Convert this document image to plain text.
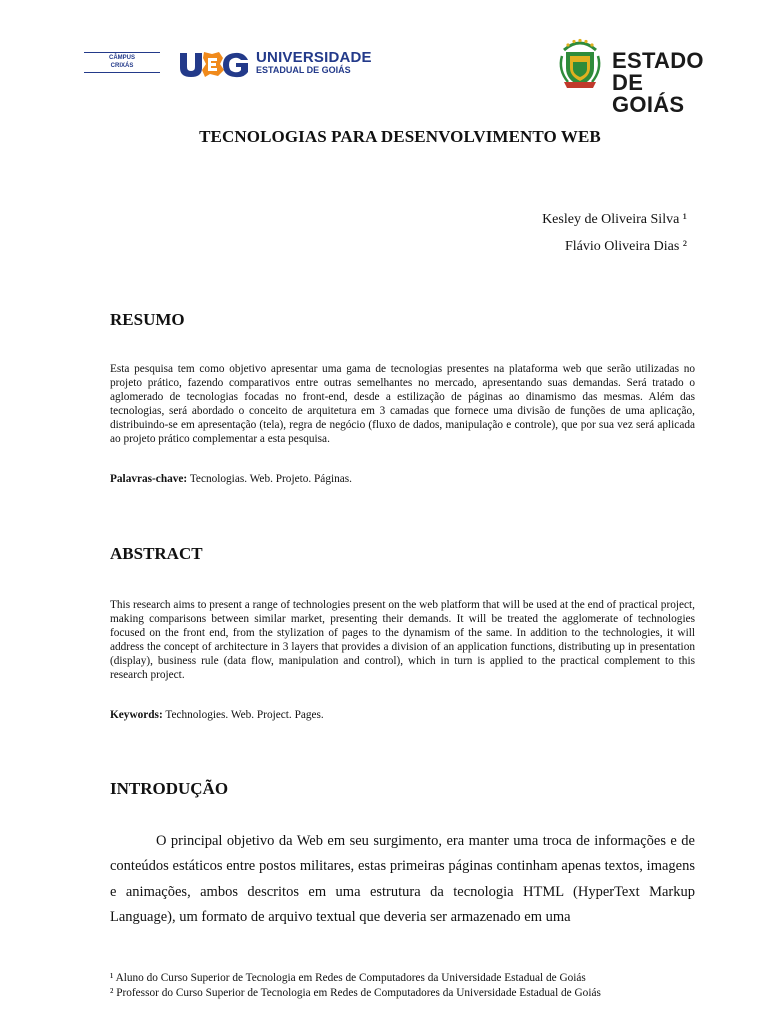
CÂMPUS
CRIXÁS	UNIVERSIDADE
ESTADUAL DE GOIÁS	ESTADO
DE GOIÁS
TECNOLOGIAS PARA DESENVOLVIMENTO WEB
Kesley de Oliveira Silva ¹
Flávio Oliveira Dias ²
RESUMO
Esta pesquisa tem como objetivo apresentar uma gama de tecnologias presentes na plataforma web que serão utilizadas no projeto prático, fazendo comparativos entre outras semelhantes no mercado, apresentando suas demandas. Será tratado o aglomerado de tecnologias focadas no front-end, desde a estilização de páginas ao dinamismo das mesmas. Além das tecnologias, será abordado o conceito de arquitetura em 3 camadas que fornece uma divisão de funções de uma aplicação, distribuindo-se em apresentação (tela), regra de negócio (fluxo de dados, manipulação e controle), que por sua vez será aplicada ao projeto prático complementar a esta pesquisa.
Palavras-chave: Tecnologias. Web. Projeto. Páginas.
ABSTRACT
This research aims to present a range of technologies present on the web platform that will be used at the end of practical project, making comparisons between similar market, presenting their demands. It will be treated the agglomerate of technologies focused on the front end, from the stylization of pages to the dynamism of the same. In addition to the technologies, it will address the concept of architecture in 3 layers that provides a division of an application functions, distributing up in presentation (display), business rule (data flow, manipulation and control), which in turn is applied to the practical complement to this research project.
Keywords: Technologies. Web. Project. Pages.
INTRODUÇÃO
O principal objetivo da Web em seu surgimento, era manter uma troca de informações e de conteúdos estáticos entre postos militares, estas primeiras páginas continham apenas textos, imagens e animações, ambos descritos em uma estrutura da tecnologia HTML (HyperText Markup Language), um formato de arquivo textual que deveria ser armazenado em uma
¹ Aluno do Curso Superior de Tecnologia em Redes de Computadores da Universidade Estadual de Goiás
² Professor do Curso Superior de Tecnologia em Redes de Computadores da Universidade Estadual de Goiás
